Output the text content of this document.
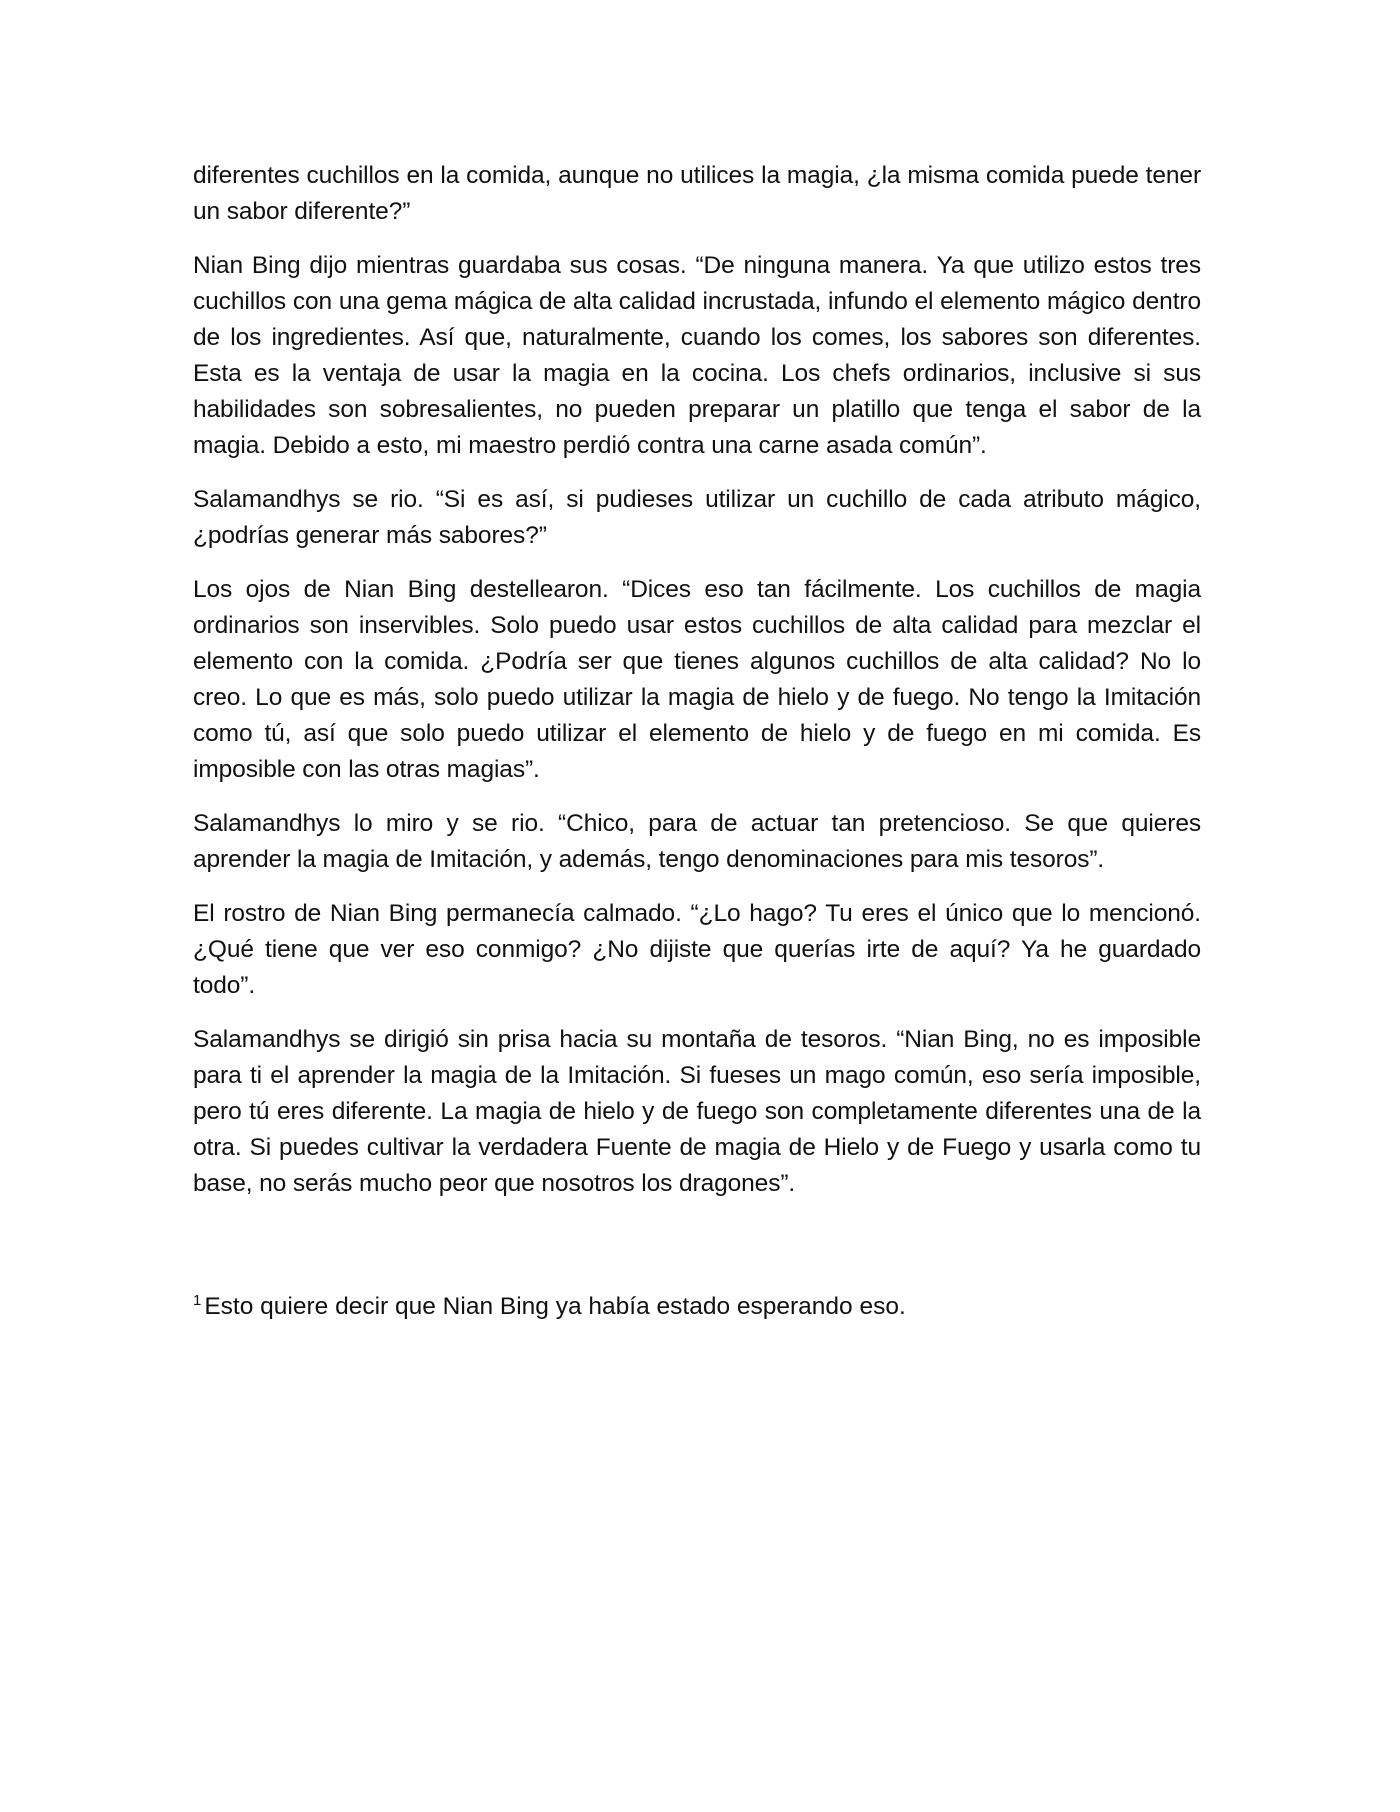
diferentes cuchillos en la comida, aunque no utilices la magia, ¿la misma comida puede tener un sabor diferente?”

Nian Bing dijo mientras guardaba sus cosas. “De ninguna manera. Ya que utilizo estos tres cuchillos con una gema mágica de alta calidad incrustada, infundo el elemento mágico dentro de los ingredientes. Así que, naturalmente, cuando los comes, los sabores son diferentes. Esta es la ventaja de usar la magia en la cocina. Los chefs ordinarios, inclusive si sus habilidades son sobresalientes, no pueden preparar un platillo que tenga el sabor de la magia. Debido a esto, mi maestro perdió contra una carne asada común”.

Salamandhys se rio. “Si es así, si pudieses utilizar un cuchillo de cada atributo mágico, ¿podrías generar más sabores?”

Los ojos de Nian Bing destellearon. “Dices eso tan fácilmente. Los cuchillos de magia ordinarios son inservibles. Solo puedo usar estos cuchillos de alta calidad para mezclar el elemento con la comida. ¿Podría ser que tienes algunos cuchillos de alta calidad? No lo creo. Lo que es más, solo puedo utilizar la magia de hielo y de fuego. No tengo la Imitación como tú, así que solo puedo utilizar el elemento de hielo y de fuego en mi comida. Es imposible con las otras magias”.

Salamandhys lo miro y se rio. “Chico, para de actuar tan pretencioso. Se que quieres aprender la magia de Imitación, y además, tengo denominaciones para mis tesoros”.

El rostro de Nian Bing permanecía calmado. “¿Lo hago? Tu eres el único que lo mencionó. ¿Qué tiene que ver eso conmigo? ¿No dijiste que querías irte de aquí? Ya he guardado todo”.

Salamandhys se dirigió sin prisa hacia su montaña de tesoros. “Nian Bing, no es imposible para ti el aprender la magia de la Imitación. Si fueses un mago común, eso sería imposible, pero tú eres diferente. La magia de hielo y de fuego son completamente diferentes una de la otra. Si puedes cultivar la verdadera Fuente de magia de Hielo y de Fuego y usarla como tu base, no serás mucho peor que nosotros los dragones”.

$^1$ Esto quiere decir que Nian Bing ya había estado esperando eso.
